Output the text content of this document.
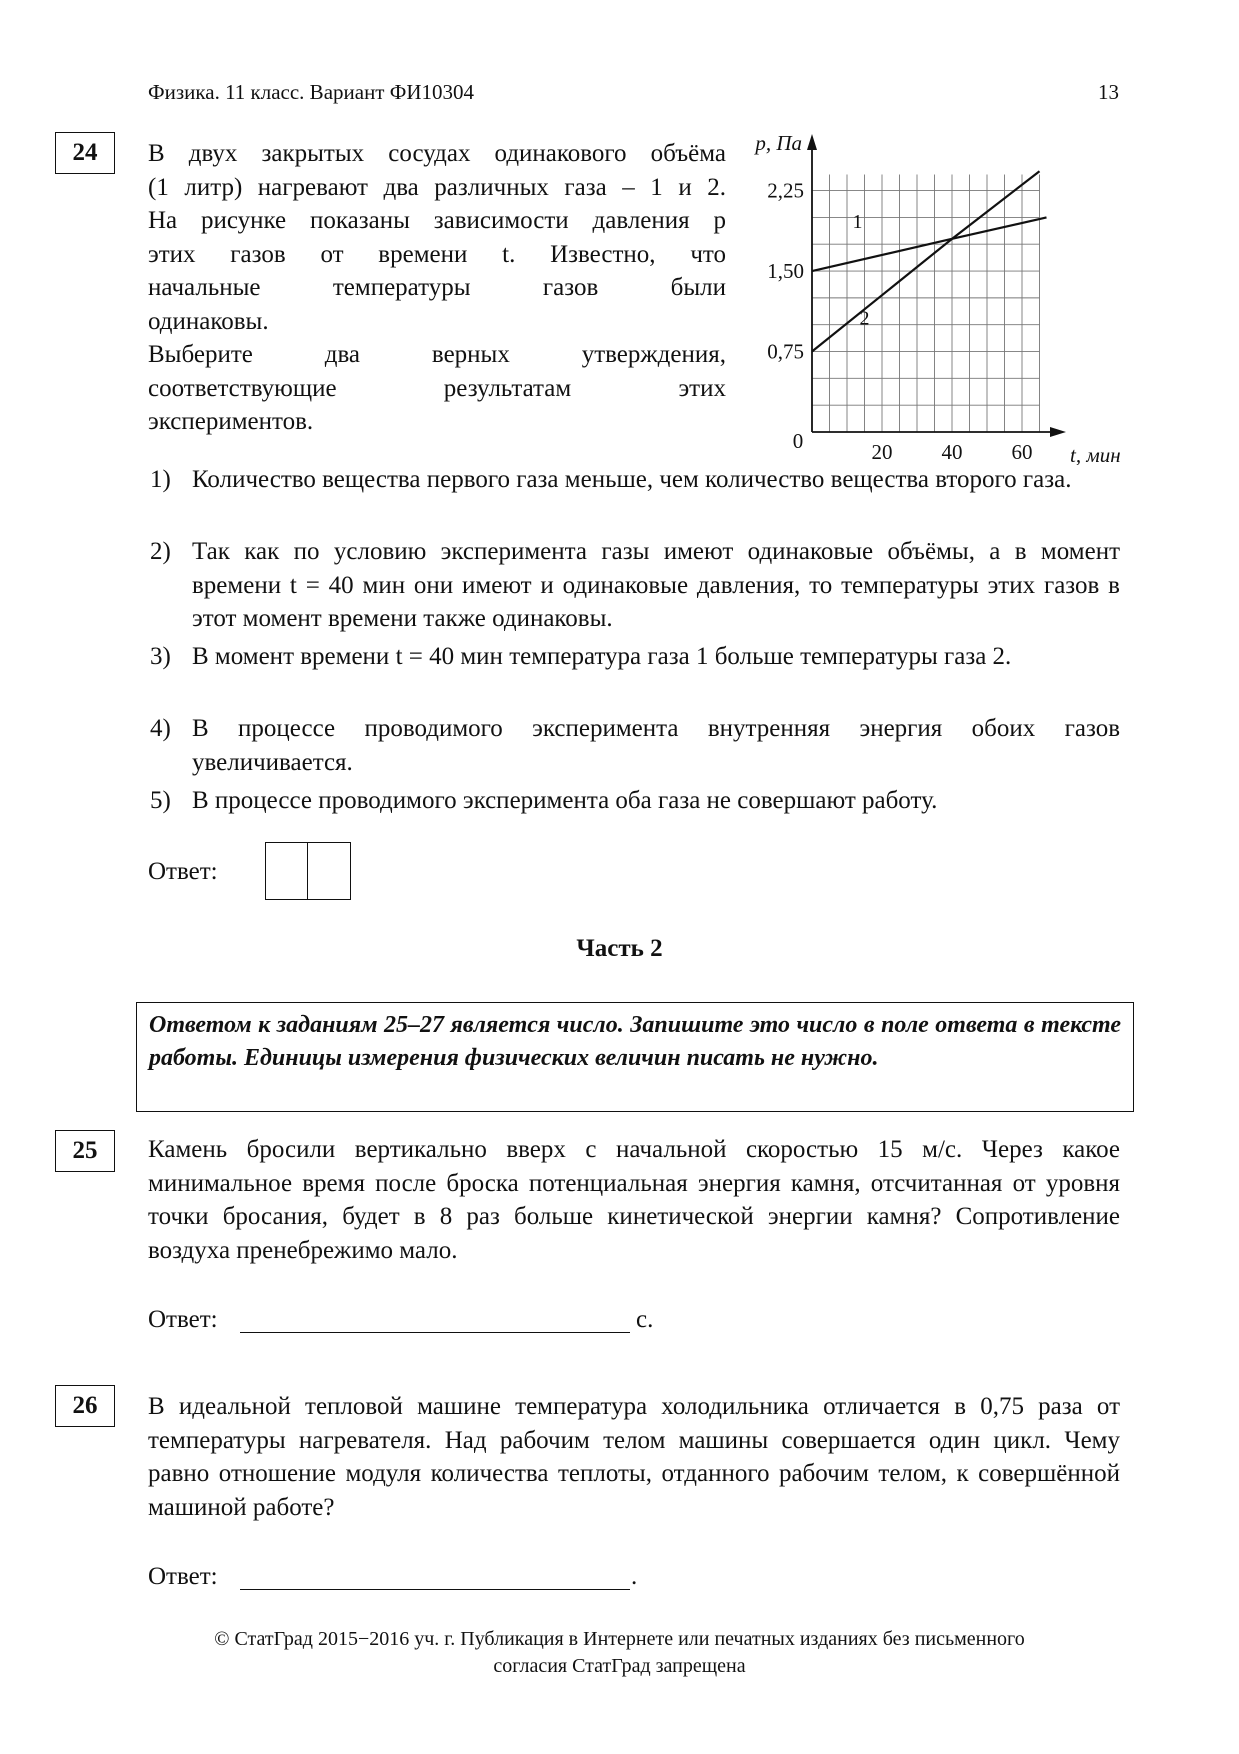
Физика. 11 класс. Вариант ФИ10304	13
24	В двух закрытых сосудах одинакового объёма
(1 литр) нагревают два различных газа – 1 и 2.
На рисунке показаны зависимости давления p
этих газов от времени t. Известно, что
начальные температуры газов были
одинаковы.
Выберите два верных утверждения,
соответствующие результатам этих
экспериментов.
0,75
1,50
2,25
20 40 60
0
p, Па
t, мин
1
2
1) Количество вещества первого газа меньше, чем количество вещества второго газа.
2) Так как по условию эксперимента газы имеют одинаковые объёмы, а в момент времени t = 40 мин они имеют и одинаковые давления, то температуры этих газов в этот момент времени также одинаковы.
3) В момент времени t = 40 мин температура газа 1 больше температуры газа 2.
4) В процессе проводимого эксперимента внутренняя энергия обоих газов увеличивается.
5) В процессе проводимого эксперимента оба газа не совершают работу.
Ответ:
Часть 2
Ответом к заданиям 25–27 является число. Запишите это число в поле ответа в тексте работы. Единицы измерения физических величин писать не нужно.
25	Камень бросили вертикально вверх с начальной скоростью 15 м/с. Через какое минимальное время после броска потенциальная энергия камня, отсчитанная от уровня точки бросания, будет в 8 раз больше кинетической энергии камня? Сопротивление воздуха пренебрежимо мало.
Ответ:	с.
26	В идеальной тепловой машине температура холодильника отличается в 0,75 раза от температуры нагревателя. Над рабочим телом машины совершается один цикл. Чему равно отношение модуля количества теплоты, отданного рабочим телом, к совершённой машиной работе?
Ответ:	.
© СтатГрад 2015−2016 уч. г. Публикация в Интернете или печатных изданиях без письменного
согласия СтатГрад запрещена
